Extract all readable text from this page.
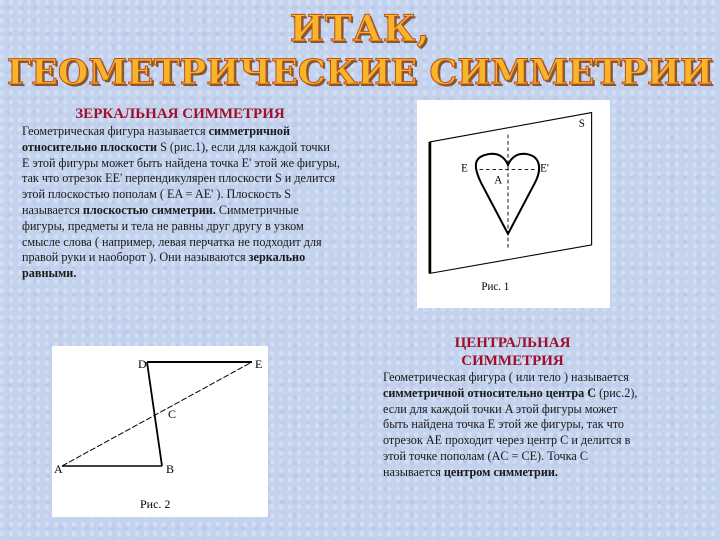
ИТАК,
ГЕОМЕТРИЧЕСКИЕ СИММЕТРИИ
ЗЕРКАЛЬНАЯ СИММЕТРИЯ
Геометрическая фигура называется симметричной относительно плоскости S (рис.1), если для каждой точки E этой фигуры может быть найдена точка E' этой же фигуры, так что отрезок EE' перпендикулярен плоскости S и делится этой плоскостью пополам ( EA = AE' ). Плоскость S называется плоскостью симметрии. Симметричные фигуры, предметы и тела не равны друг другу в узком смысле слова ( например, левая перчатка не подходит для правой руки и наоборот ). Они называются зеркально равными.
S
E	E'
A
Рис. 1
ЦЕНТРАЛЬНАЯ
СИММЕТРИЯ
Геометрическая фигура ( или тело ) называется симметричной относительно центра C (рис.2), если для каждой точки A этой фигуры может быть найдена точка E этой же фигуры, так что отрезок AE проходит через центр C и делится в этой точке пополам (AC = CE). Точка C называется центром симметрии.
D	E
C
A	B
Рис. 2
